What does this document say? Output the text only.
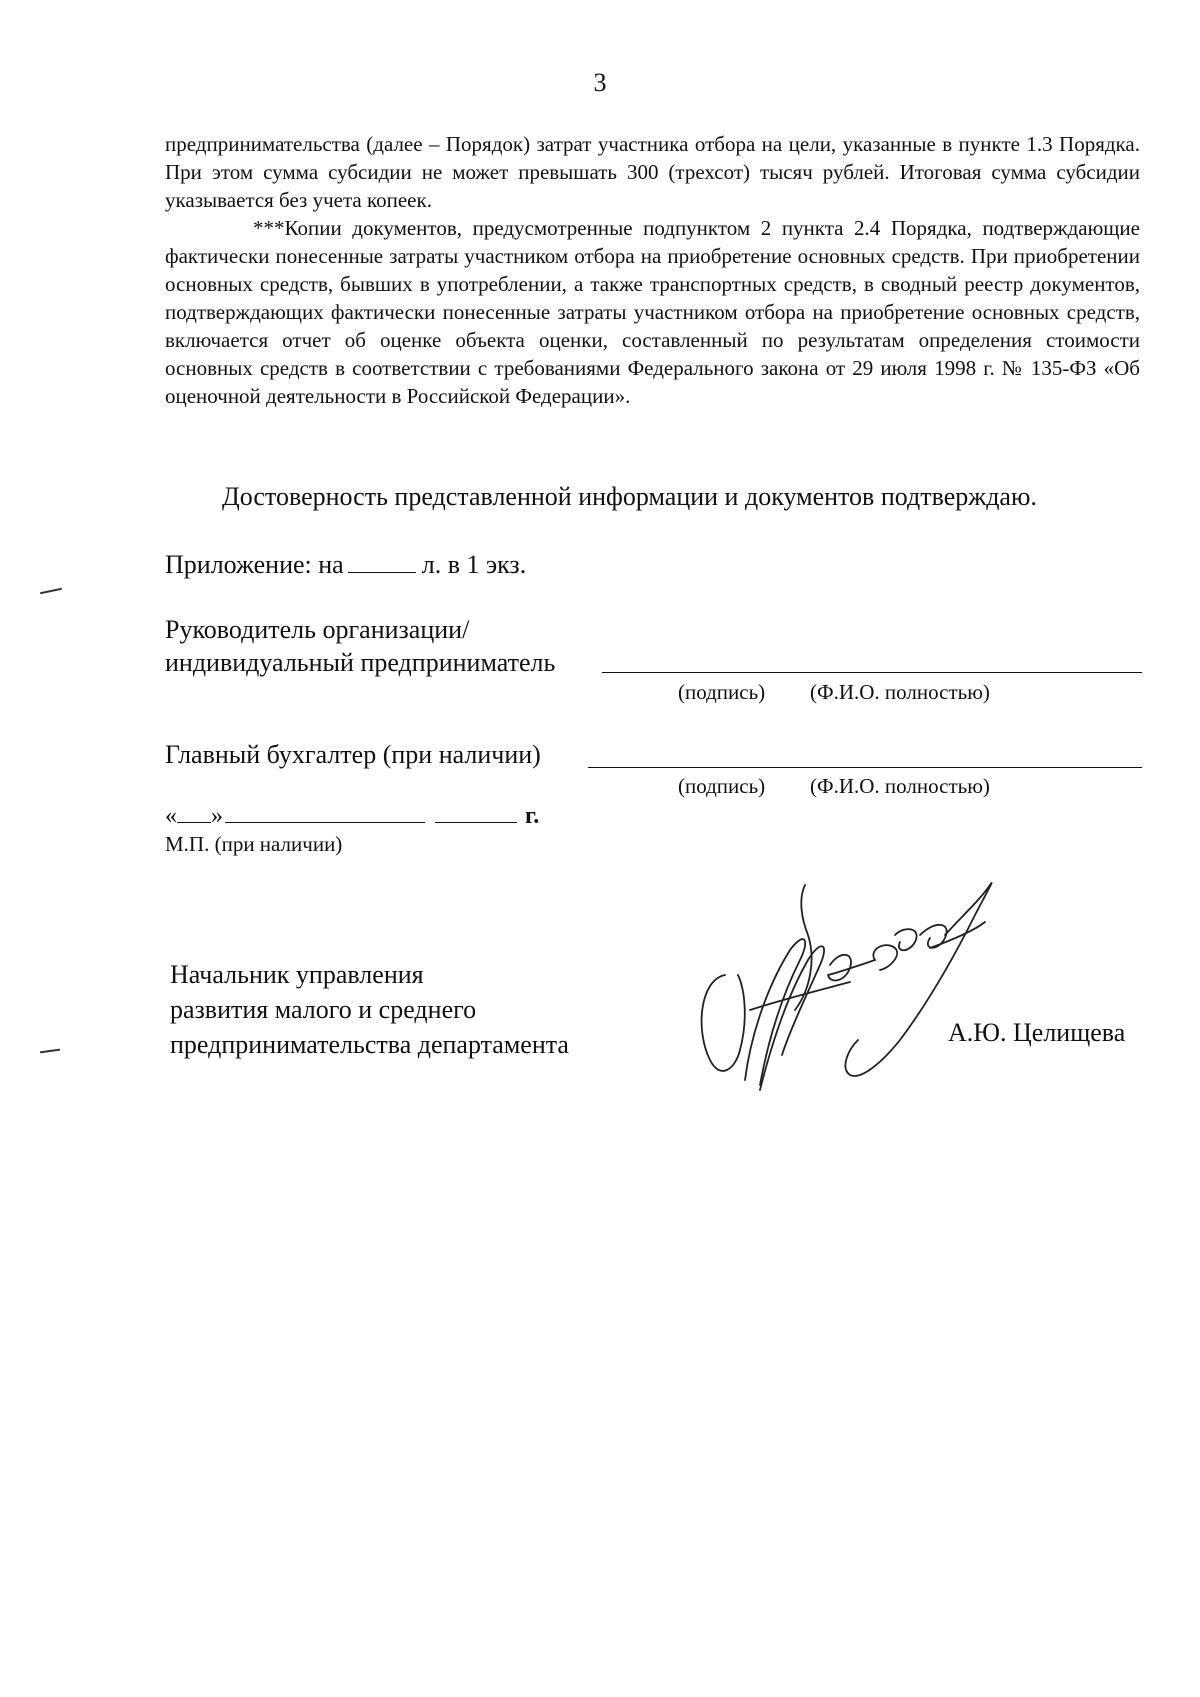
3

предпринимательства (далее – Порядок) затрат участника отбора на цели, указанные в пункте 1.3 Порядка. При этом сумма субсидии не может превышать 300 (трехсот) тысяч рублей. Итоговая сумма субсидии указывается без учета копеек.

***Копии документов, предусмотренные подпунктом 2 пункта 2.4 Порядка, подтверждающие фактически понесенные затраты участником отбора на приобретение основных средств. При приобретении основных средств, бывших в употреблении, а также транспортных средств, в сводный реестр документов, подтверждающих фактически понесенные затраты участником отбора на приобретение основных средств, включается отчет об оценке объекта оценки, составленный по результатам определения стоимости основных средств в соответствии с требованиями Федерального закона от 29 июля 1998 г. № 135-ФЗ «Об оценочной деятельности в Российской Федерации».

Достоверность представленной информации и документов подтверждаю.
Приложение: на	л. в 1 экз.
Руководитель организации/
индивидуальный предприниматель
(подпись) (Ф.И.О. полностью)
Главный бухгалтер (при наличии)
(подпись) (Ф.И.О. полностью)
« »	г.
М.П. (при наличии)
Начальник управления
развития малого и среднего
предпринимательства департамента	А.Ю. Целищева
